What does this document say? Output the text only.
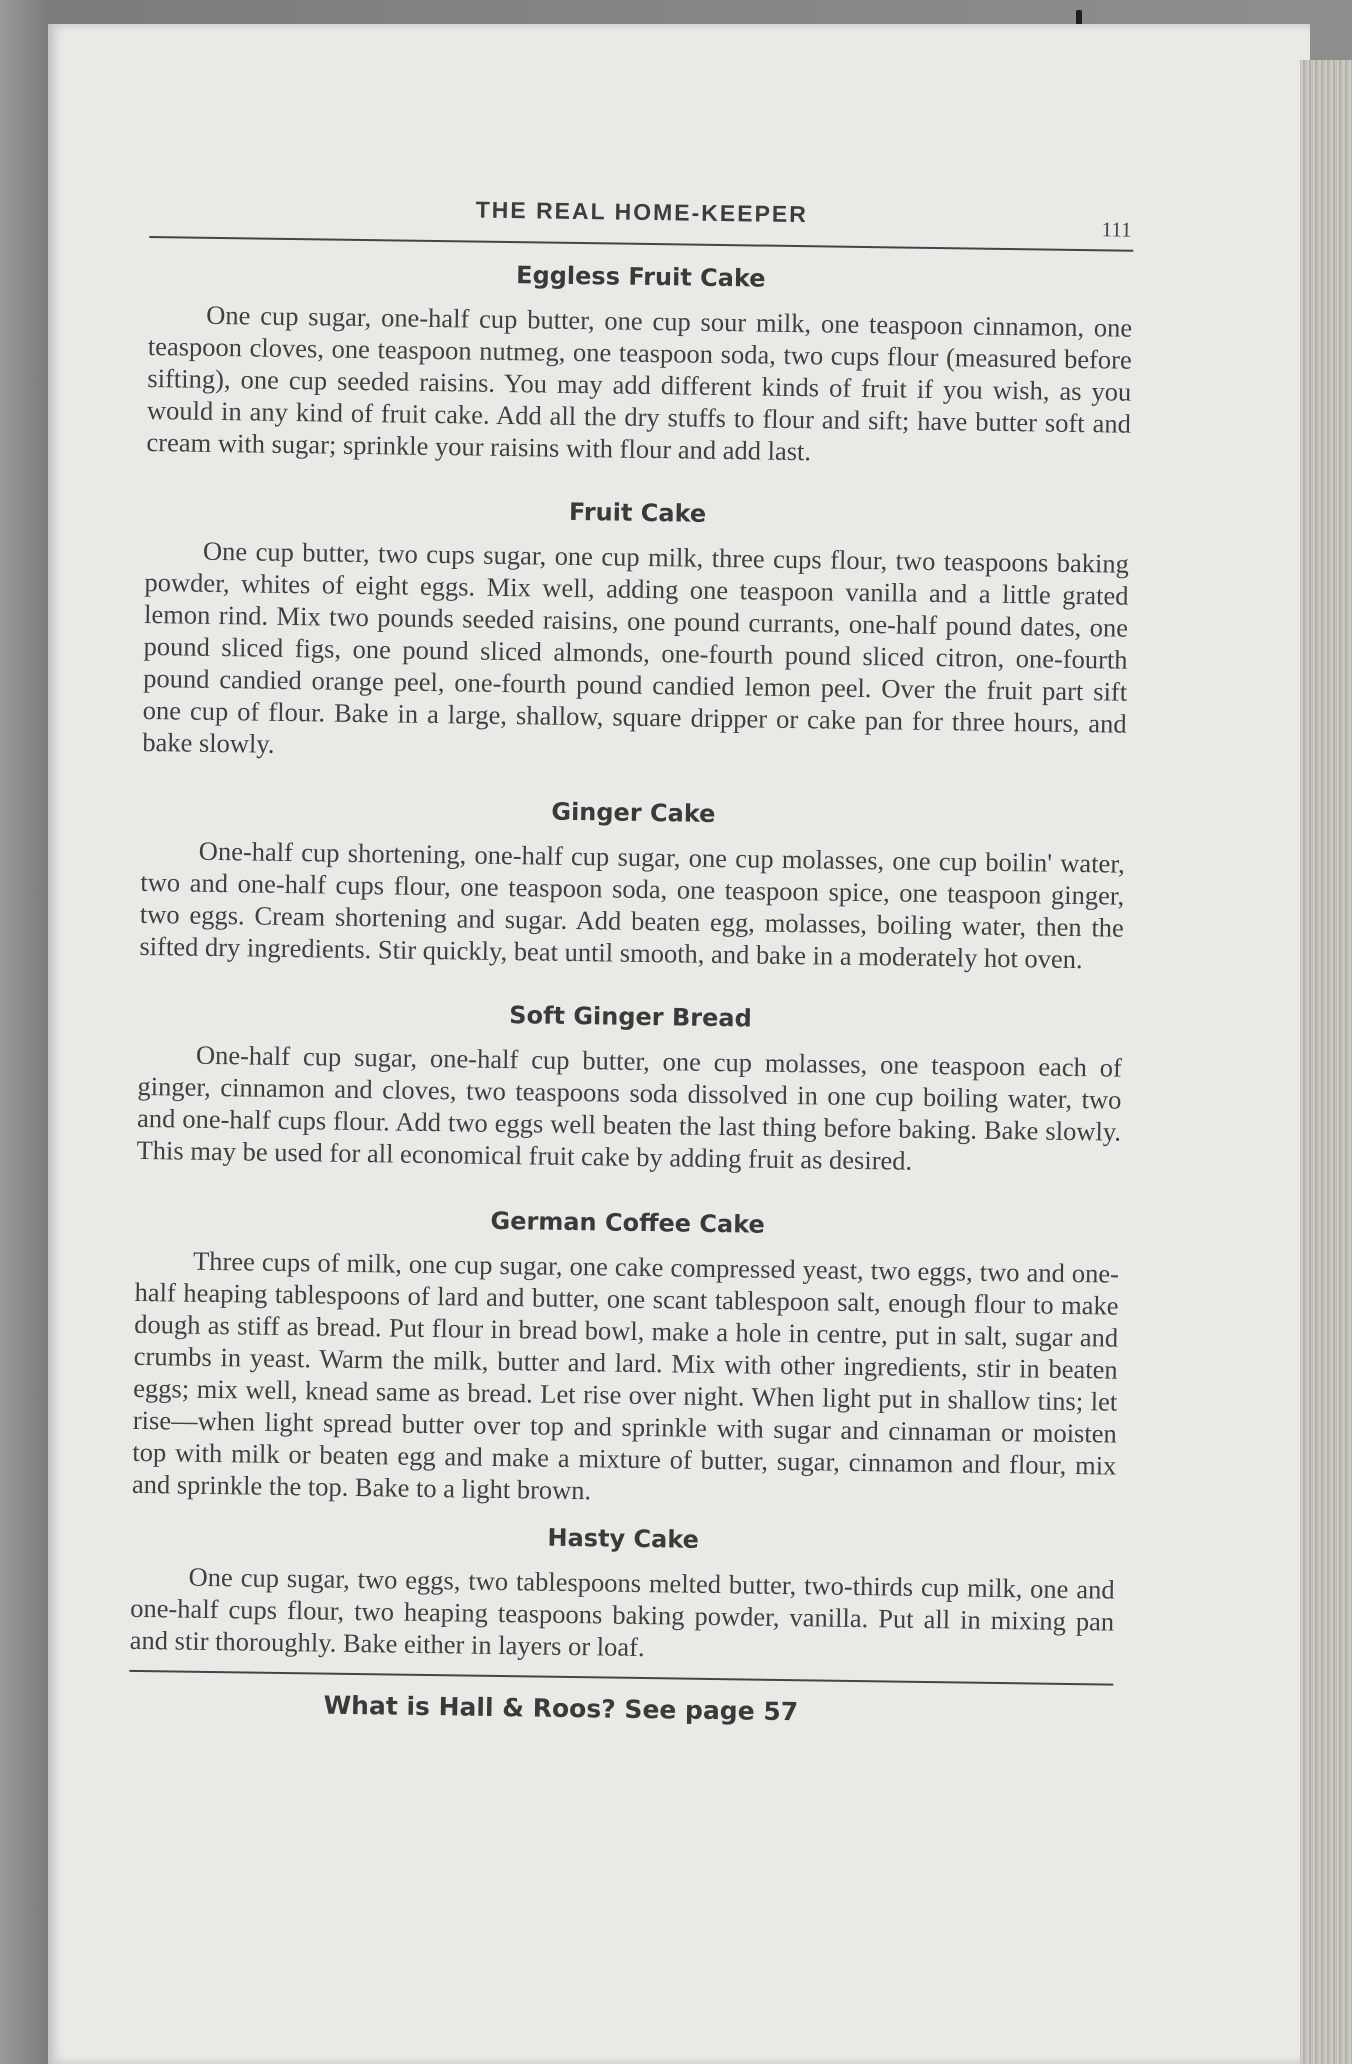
THE REAL HOME-KEEPER
111
Eggless Fruit Cake

One cup sugar, one-half cup butter, one cup sour milk, one teaspoon cinnamon, one teaspoon cloves, one teaspoon nutmeg, one teaspoon soda, two cups flour (measured before sifting), one cup seeded raisins. You may add different kinds of fruit if you wish, as you would in any kind of fruit cake. Add all the dry stuffs to flour and sift; have butter soft and cream with sugar; sprinkle your raisins with flour and add last.

Fruit Cake

One cup butter, two cups sugar, one cup milk, three cups flour, two teaspoons baking powder, whites of eight eggs. Mix well, adding one teaspoon vanilla and a little grated lemon rind. Mix two pounds seeded raisins, one pound currants, one-half pound dates, one pound sliced figs, one pound sliced almonds, one-fourth pound sliced citron, one-fourth pound candied orange peel, one-fourth pound candied lemon peel. Over the fruit part sift one cup of flour. Bake in a large, shallow, square dripper or cake pan for three hours, and bake slowly.

Ginger Cake

One-half cup shortening, one-half cup sugar, one cup molasses, one cup boilin' water, two and one-half cups flour, one teaspoon soda, one teaspoon spice, one teaspoon ginger, two eggs. Cream shortening and sugar. Add beaten egg, molasses, boiling water, then the sifted dry ingredients. Stir quickly, beat until smooth, and bake in a moderately hot oven.

Soft Ginger Bread

One-half cup sugar, one-half cup butter, one cup molasses, one teaspoon each of ginger, cinnamon and cloves, two teaspoons soda dissolved in one cup boiling water, two and one-half cups flour. Add two eggs well beaten the last thing before baking. Bake slowly. This may be used for all economical fruit cake by adding fruit as desired.

German Coffee Cake

Three cups of milk, one cup sugar, one cake compressed yeast, two eggs, two and one-half heaping tablespoons of lard and butter, one scant tablespoon salt, enough flour to make dough as stiff as bread. Put flour in bread bowl, make a hole in centre, put in salt, sugar and crumbs in yeast. Warm the milk, butter and lard. Mix with other ingredients, stir in beaten eggs; mix well, knead same as bread. Let rise over night. When light put in shallow tins; let rise—when light spread butter over top and sprinkle with sugar and cinnaman or moisten top with milk or beaten egg and make a mixture of butter, sugar, cinnamon and flour, mix and sprinkle the top. Bake to a light brown.

Hasty Cake

One cup sugar, two eggs, two tablespoons melted butter, two-thirds cup milk, one and one-half cups flour, two heaping teaspoons baking powder, vanilla. Put all in mixing pan and stir thoroughly. Bake either in layers or loaf.

What is Hall & Roos? See page 57
